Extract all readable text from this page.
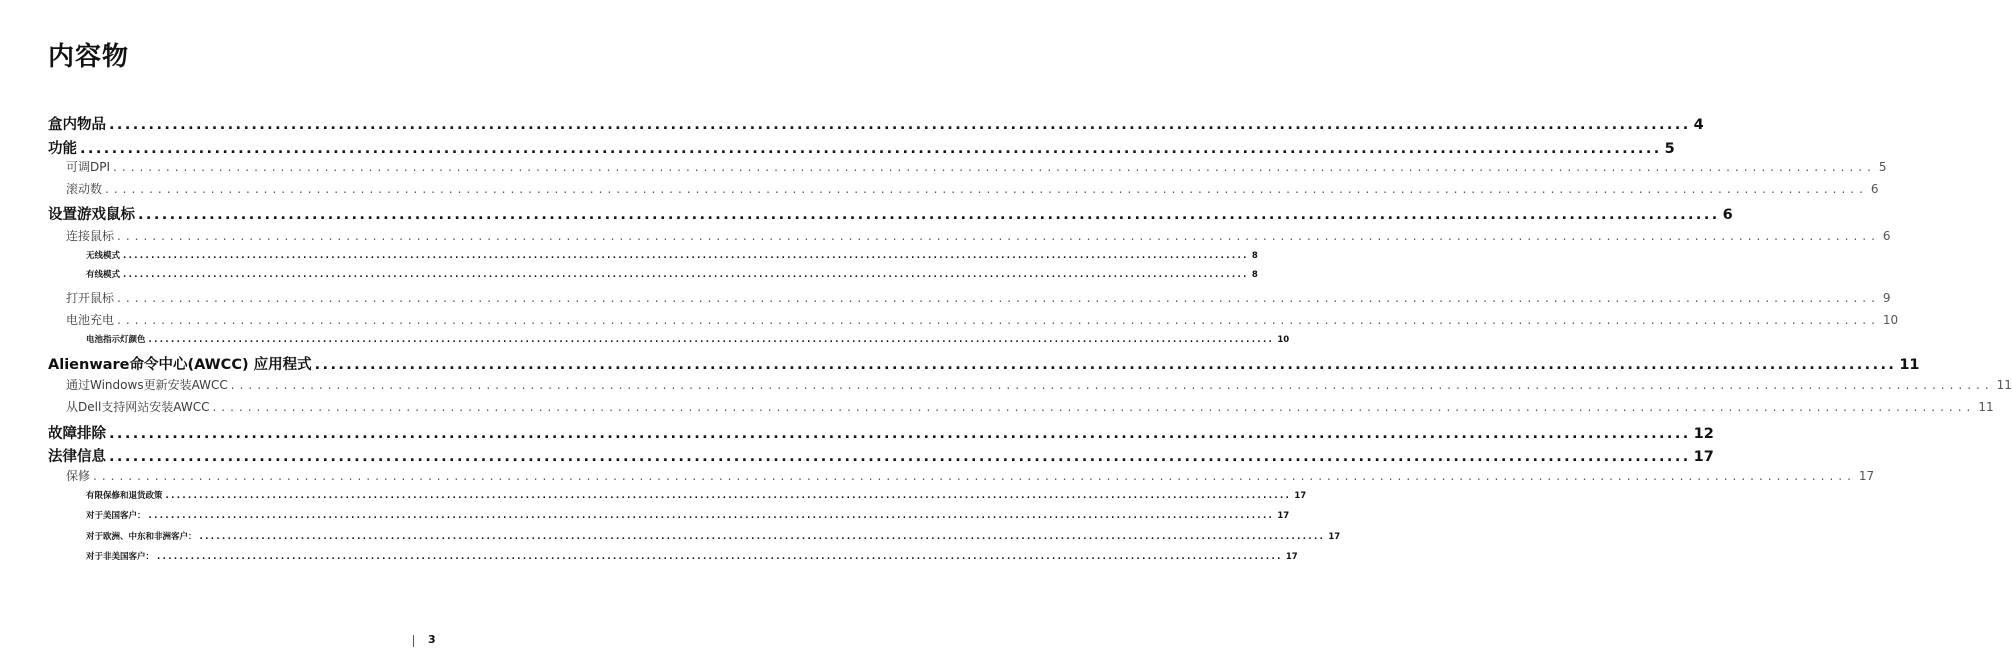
内容物
盒内物品 ........................................................................................................................................................................................................ 4
功能 ........................................................................................................................................................................................................ 5
可调DPI ........................................................................................................................................................................................................ 5
滚动数 ........................................................................................................................................................................................................ 6
设置游戏鼠标 ........................................................................................................................................................................................................ 6
连接鼠标 ........................................................................................................................................................................................................ 6
无线模式 ........................................................................................................................................................................................................ 8
有线模式 ........................................................................................................................................................................................................ 8
打开鼠标 ........................................................................................................................................................................................................ 9
电池充电 ........................................................................................................................................................................................................ 10
电池指示灯颜色 ........................................................................................................................................................................................................ 10
Alienware命令中心(AWCC) 应用程式 ........................................................................................................................................................................................................ 11
通过Windows更新安装AWCC ........................................................................................................................................................................................................ 11
从Dell支持网站安装AWCC ........................................................................................................................................................................................................ 11
故障排除 ........................................................................................................................................................................................................ 12
法律信息 ........................................................................................................................................................................................................ 17
保修 ........................................................................................................................................................................................................ 17
有限保修和退货政策 ........................................................................................................................................................................................................ 17
对于美国客户： ........................................................................................................................................................................................................ 17
对于欧洲、中东和非洲客户： ........................................................................................................................................................................................................ 17
对于非美国客户： ........................................................................................................................................................................................................ 17
3
